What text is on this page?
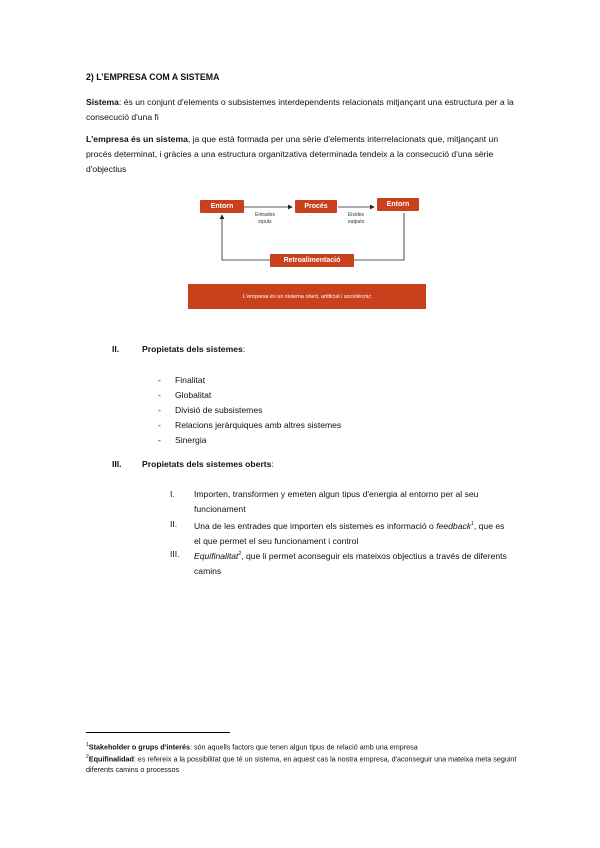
2) L’EMPRESA COM A SISTEMA
Sistema: és un conjunt d'elements o subsistemes interdependents relacionats mitjançant una estructura per a la consecució d'una fi
L'empresa és un sistema, ja que està formada per una sèrie d'elements interrelacionats que, mitjançant un procés determinat, i gràcies a una estructura organitzativa determinada tendeix a la consecució d'una sèrie d'objectius
Entorn	Procés	Entorn
Retroalimentació
Entrades
inputs
Eixides
outputs
·
L'empresa és un sistema obert, artificial i sociotècnic
II.	Propietats dels sistemes:
- Finalitat
- Globalitat
- Divisió de subsistemes
- Relacions jeràrquiques amb altres sistemes
- Sinergia
III. Propietats dels sistemes oberts:
I. Importen, transformen y emeten algun tipus d'energia al entorno per al seu funcionament
II. Una de les entrades que importen els sistemes es informació o feedback$^1$, que es el que permet el seu funcionament i control
III. Equifinalitat$^2$, que li permet aconseguir els mateixos objectius a través de diferents camins
$^1$Stakeholder o grups d'interés: són aquells factors que tenen algun tipus de relació amb una empresa
$^2$Equifinalidad: es refereix a la possibilitat que té un sistema, en aquest cas la nostra empresa, d'aconseguir una mateixa meta seguint diferents camins o processos
